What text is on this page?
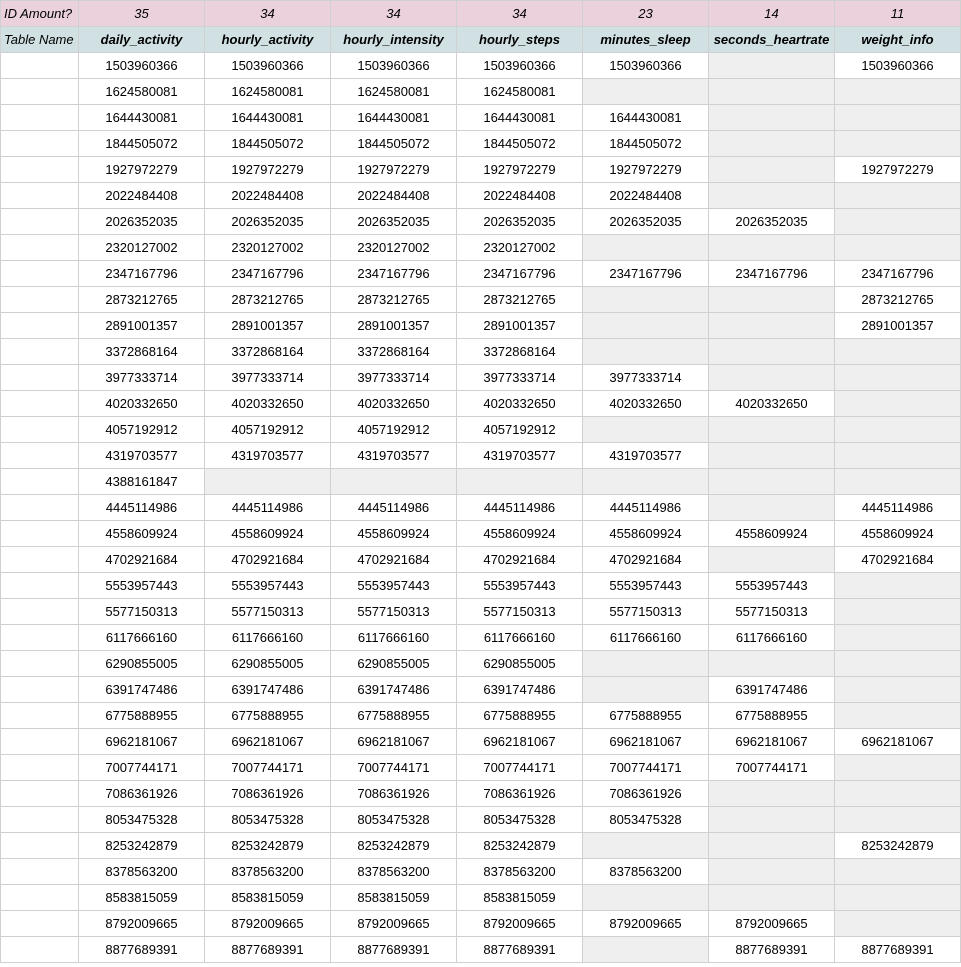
ID Amount?	35	34	34	34	23	14	11
Table Name	daily_activity	hourly_activity	hourly_intensity	hourly_steps	minutes_sleep	seconds_heartrate	weight_info
	1503960366	1503960366	1503960366	1503960366	1503960366		1503960366
	1624580081	1624580081	1624580081	1624580081			
	1644430081	1644430081	1644430081	1644430081	1644430081		
	1844505072	1844505072	1844505072	1844505072	1844505072		
	1927972279	1927972279	1927972279	1927972279	1927972279		1927972279
	2022484408	2022484408	2022484408	2022484408	2022484408		
	2026352035	2026352035	2026352035	2026352035	2026352035	2026352035	
	2320127002	2320127002	2320127002	2320127002			
	2347167796	2347167796	2347167796	2347167796	2347167796	2347167796	2347167796
	2873212765	2873212765	2873212765	2873212765			2873212765
	2891001357	2891001357	2891001357	2891001357			2891001357
	3372868164	3372868164	3372868164	3372868164			
	3977333714	3977333714	3977333714	3977333714	3977333714		
	4020332650	4020332650	4020332650	4020332650	4020332650	4020332650	
	4057192912	4057192912	4057192912	4057192912			
	4319703577	4319703577	4319703577	4319703577	4319703577		
	4388161847						
	4445114986	4445114986	4445114986	4445114986	4445114986		4445114986
	4558609924	4558609924	4558609924	4558609924	4558609924	4558609924	4558609924
	4702921684	4702921684	4702921684	4702921684	4702921684		4702921684
	5553957443	5553957443	5553957443	5553957443	5553957443	5553957443	
	5577150313	5577150313	5577150313	5577150313	5577150313	5577150313	
	6117666160	6117666160	6117666160	6117666160	6117666160	6117666160	
	6290855005	6290855005	6290855005	6290855005			
	6391747486	6391747486	6391747486	6391747486		6391747486	
	6775888955	6775888955	6775888955	6775888955	6775888955	6775888955	
	6962181067	6962181067	6962181067	6962181067	6962181067	6962181067	6962181067
	7007744171	7007744171	7007744171	7007744171	7007744171	7007744171	
	7086361926	7086361926	7086361926	7086361926	7086361926		
	8053475328	8053475328	8053475328	8053475328	8053475328		
	8253242879	8253242879	8253242879	8253242879			8253242879
	8378563200	8378563200	8378563200	8378563200	8378563200		
	8583815059	8583815059	8583815059	8583815059			
	8792009665	8792009665	8792009665	8792009665	8792009665	8792009665	
	8877689391	8877689391	8877689391	8877689391		8877689391	8877689391
